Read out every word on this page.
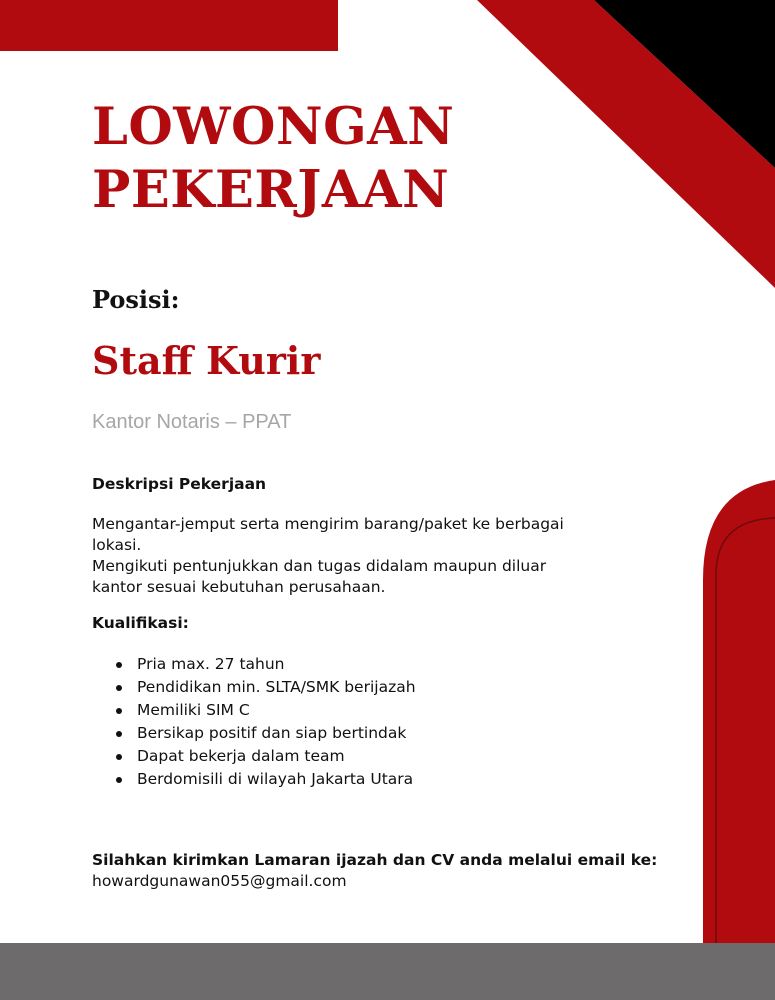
LOWONGAN
PEKERJAAN
Posisi:
Staff Kurir
Kantor Notaris – PPAT
Deskripsi Pekerjaan
Mengantar-jemput serta mengirim barang/paket ke berbagai lokasi.
Mengikuti pentunjukkan dan tugas didalam maupun diluar
kantor sesuai kebutuhan perusahaan.
Kualifikasi:
Pria max. 27 tahun
Pendidikan min. SLTA/SMK berijazah
Memiliki SIM C
Bersikap positif dan siap bertindak
Dapat bekerja dalam team
Berdomisili di wilayah Jakarta Utara
Silahkan kirimkan Lamaran ijazah dan CV anda melalui email ke:
howardgunawan055@gmail.com
